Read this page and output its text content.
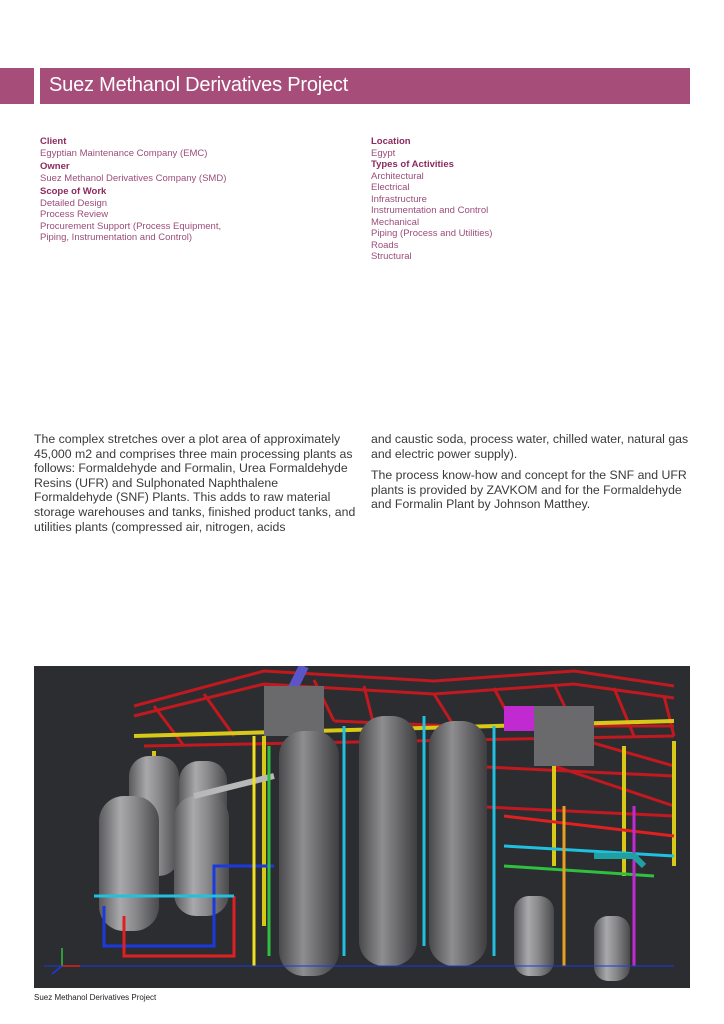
Suez Methanol Derivatives Project
Client
Egyptian Maintenance Company (EMC)
Owner
Suez Methanol Derivatives Company (SMD)
Scope of Work
Detailed Design
Process Review
Procurement Support (Process Equipment,
Piping, Instrumentation and Control)
Location
Egypt
Types of Activities
Architectural
Electrical
Infrastructure
Instrumentation and Control
Mechanical
Piping (Process and Utilities)
Roads
Structural

The complex stretches over a plot area of approximately 45,000 m2 and comprises three main processing plants as follows: Formaldehyde and Formalin, Urea Formaldehyde Resins (UFR) and Sulphonated Naphthalene Formaldehyde (SNF) Plants. This adds to raw material storage warehouses and tanks, finished product tanks, and utilities plants (compressed air, nitrogen, acids

and caustic soda, process water, chilled water, natural gas and electric power supply).

The process know-how and concept for the SNF and UFR plants is provided by ZAVKOM and for the Formaldehyde and Formalin Plant by Johnson Matthey.

Suez Methanol Derivatives Project
